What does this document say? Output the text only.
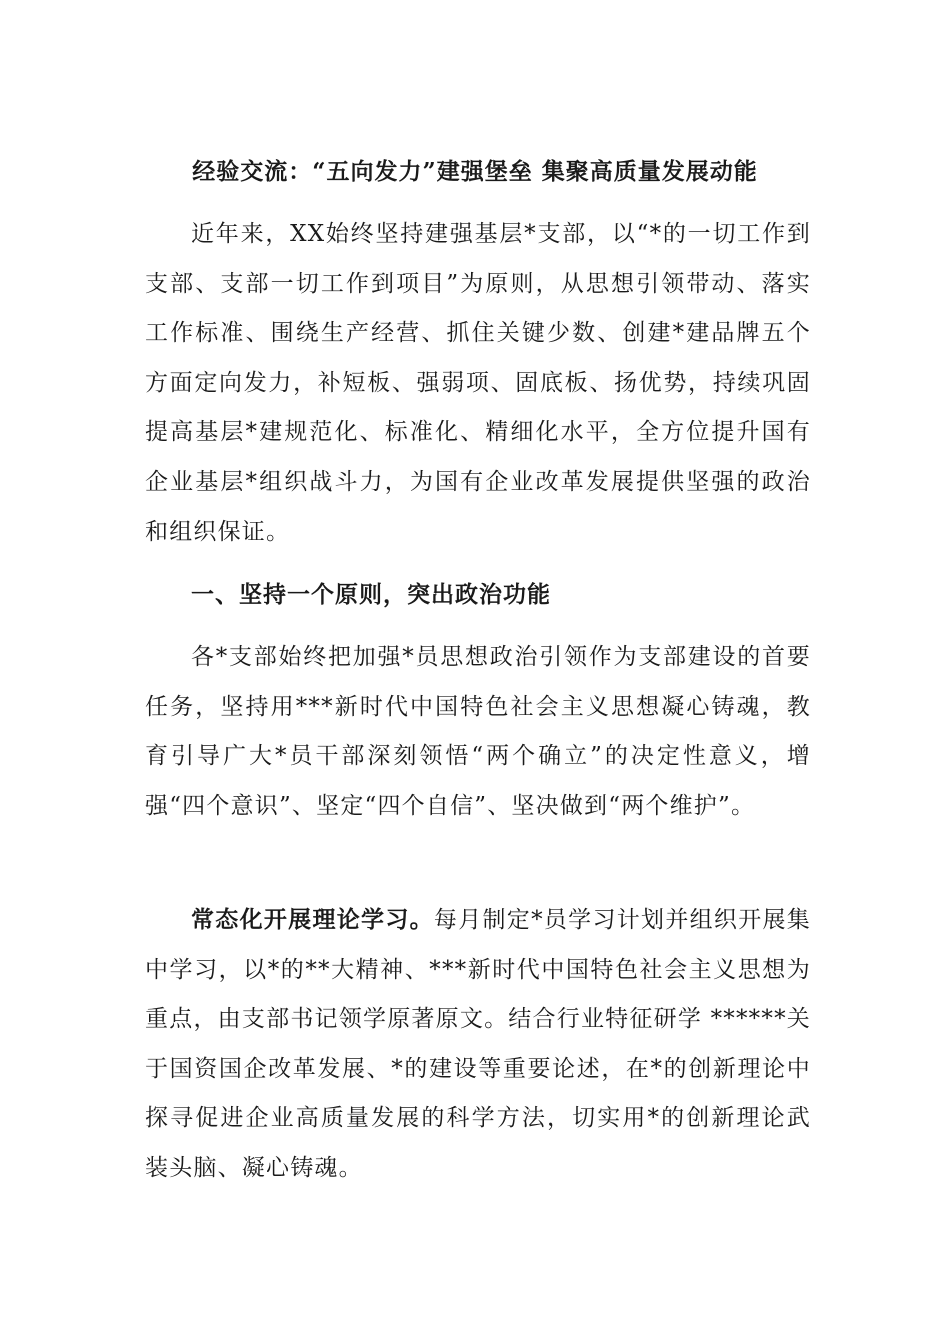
经验交流：“五向发力”建强堡垒 集聚高质量发展动能

近年来，XX始终坚持建强基层*支部，以“*的一切工作到支部、支部一切工作到项目”为原则，从思想引领带动、落实工作标准、围绕生产经营、抓住关键少数、创建*建品牌五个方面定向发力，补短板、强弱项、固底板、扬优势，持续巩固提高基层*建规范化、标准化、精细化水平，全方位提升国有企业基层*组织战斗力，为国有企业改革发展提供坚强的政治和组织保证。

一、坚持一个原则，突出政治功能

各*支部始终把加强*员思想政治引领作为支部建设的首要任务，坚持用***新时代中国特色社会主义思想凝心铸魂，教育引导广大*员干部深刻领悟“两个确立”的决定性意义，增强“四个意识”、坚定“四个自信”、坚决做到“两个维护”。

常态化开展理论学习。每月制定*员学习计划并组织开展集中学习，以*的**大精神、***新时代中国特色社会主义思想为重点，由支部书记领学原著原文。结合行业特征研学 ******关于国资国企改革发展、*的建设等重要论述，在*的创新理论中探寻促进企业高质量发展的科学方法，切实用*的创新理论武装头脑、凝心铸魂。
